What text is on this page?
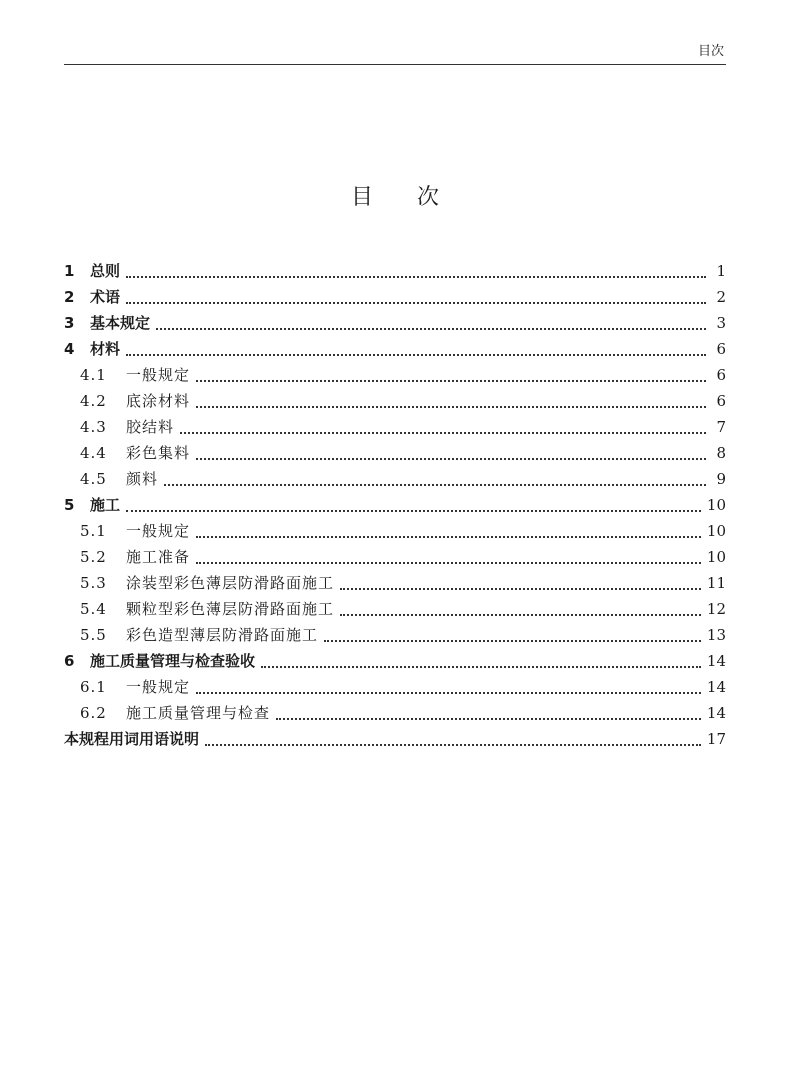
目次
目次
1	总则	1
2	术语	2
3	基本规定	3
4	材料	6
4.1	一般规定	6
4.2	底涂材料	6
4.3	胶结料	7
4.4	彩色集料	8
4.5	颜料	9
5	施工	10
5.1	一般规定	10
5.2	施工准备	10
5.3	涂装型彩色薄层防滑路面施工	11
5.4	颗粒型彩色薄层防滑路面施工	12
5.5	彩色造型薄层防滑路面施工	13
6	施工质量管理与检查验收	14
6.1	一般规定	14
6.2	施工质量管理与检查	14
本规程用词用语说明	17
